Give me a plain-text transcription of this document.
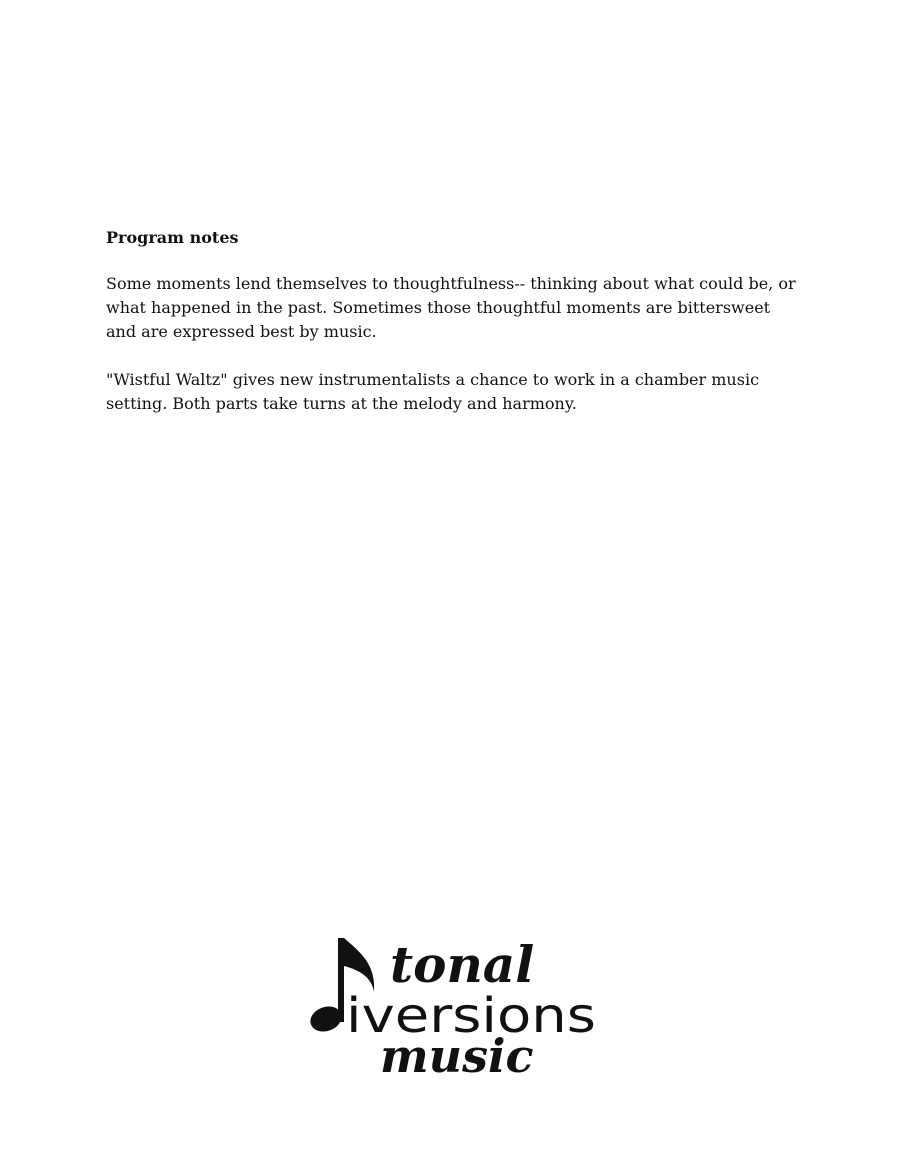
Program notes

Some moments lend themselves to thoughtfulness-- thinking about what could be, or what happened in the past. Sometimes those thoughtful moments are bittersweet and are expressed best by music.

"Wistful Waltz" gives new instrumentalists a chance to work in a chamber music setting. Both parts take turns at the melody and harmony.

tonal
iversions
music
